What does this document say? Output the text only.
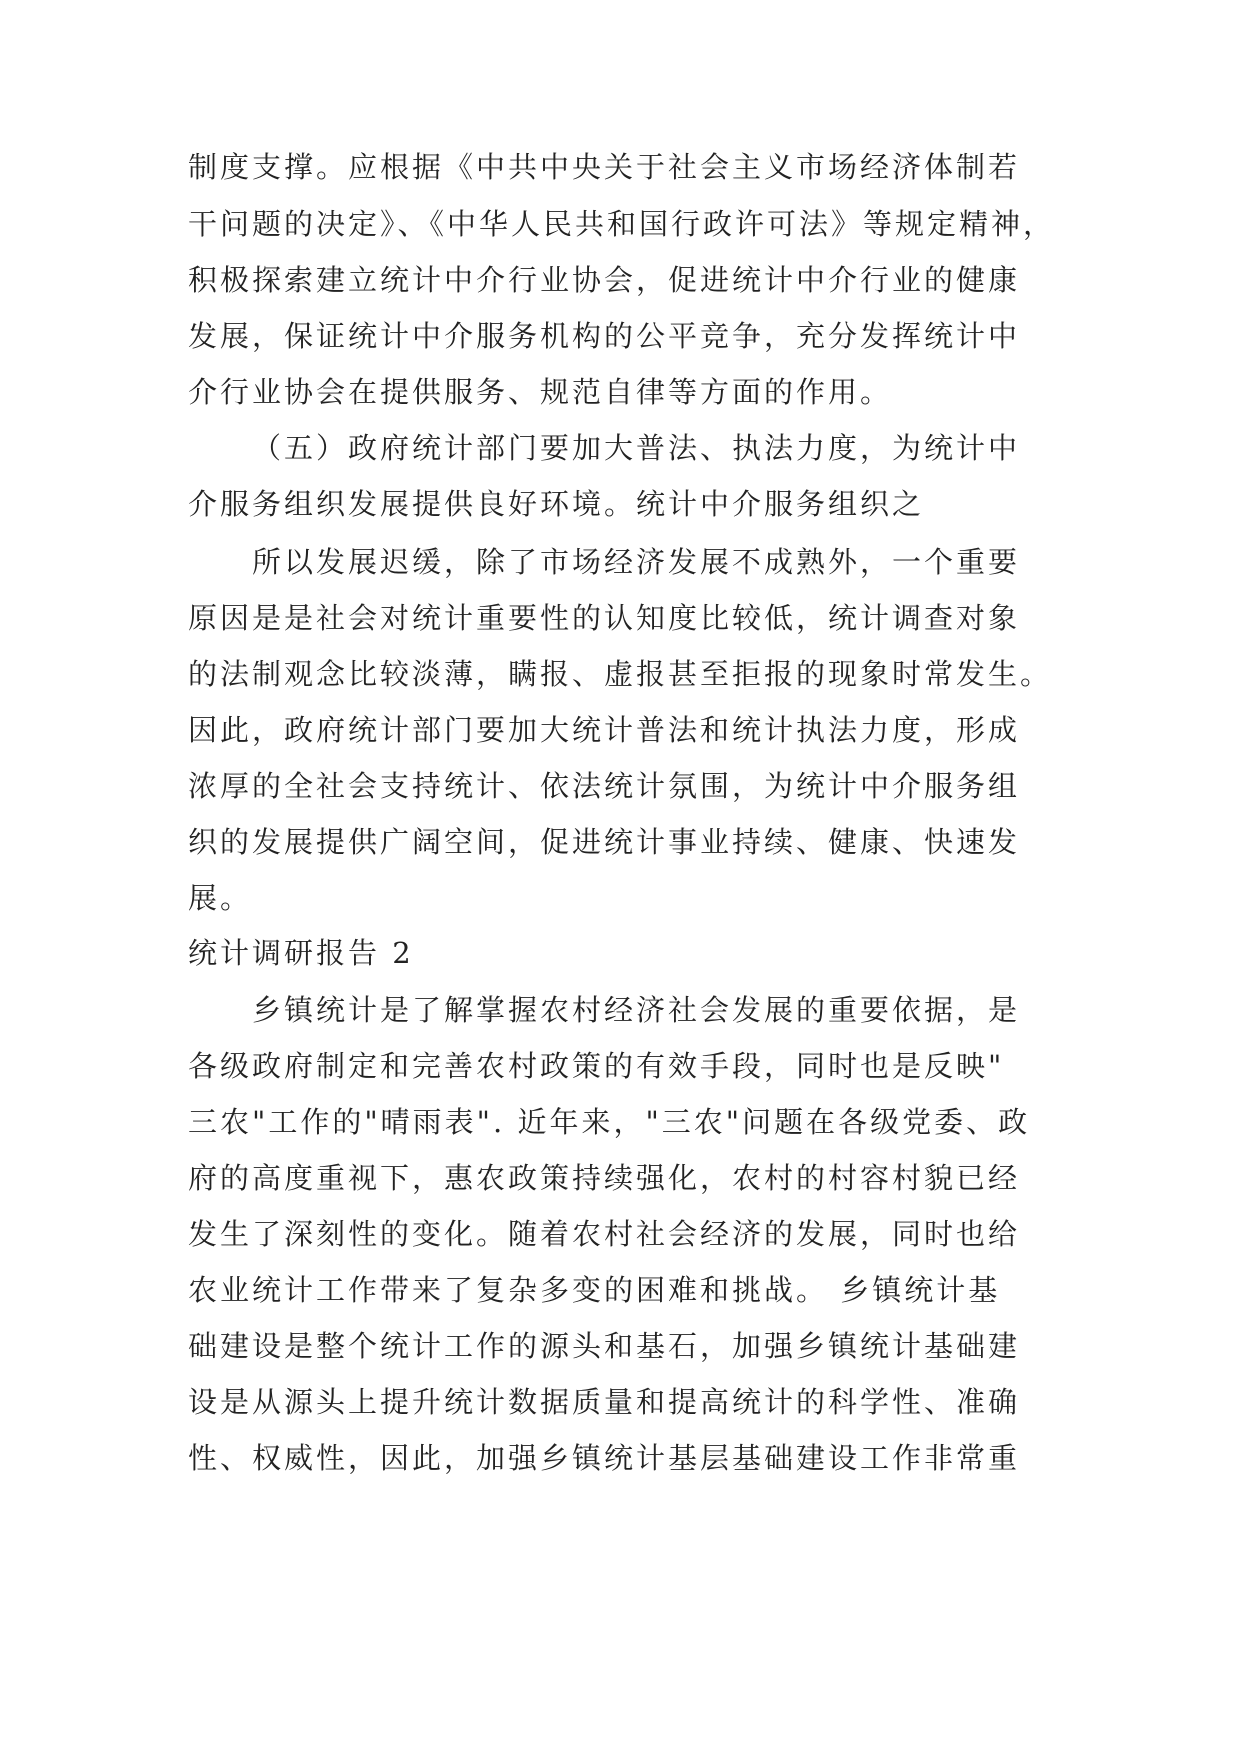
制度支撑。应根据《中共中央关于社会主义市场经济体制若
干问题的决定》、《中华人民共和国行政许可法》等规定精神，
积极探索建立统计中介行业协会，促进统计中介行业的健康
发展，保证统计中介服务机构的公平竞争，充分发挥统计中
介行业协会在提供服务、规范自律等方面的作用。
（五）政府统计部门要加大普法、执法力度，为统计中
介服务组织发展提供良好环境。统计中介服务组织之
所以发展迟缓，除了市场经济发展不成熟外，一个重要
原因是是社会对统计重要性的认知度比较低，统计调查对象
的法制观念比较淡薄，瞒报、虚报甚至拒报的现象时常发生。
因此，政府统计部门要加大统计普法和统计执法力度，形成
浓厚的全社会支持统计、依法统计氛围，为统计中介服务组
织的发展提供广阔空间，促进统计事业持续、健康、快速发
展。
统计调研报告 2
乡镇统计是了解掌握农村经济社会发展的重要依据，是
各级政府制定和完善农村政策的有效手段，同时也是反映"
三农"工作的"晴雨表". 近年来，"三农"问题在各级党委、政
府的高度重视下，惠农政策持续强化，农村的村容村貌已经
发生了深刻性的变化。随着农村社会经济的发展，同时也给
农业统计工作带来了复杂多变的困难和挑战。 乡镇统计基
础建设是整个统计工作的源头和基石，加强乡镇统计基础建
设是从源头上提升统计数据质量和提高统计的科学性、准确
性、权威性，因此，加强乡镇统计基层基础建设工作非常重
